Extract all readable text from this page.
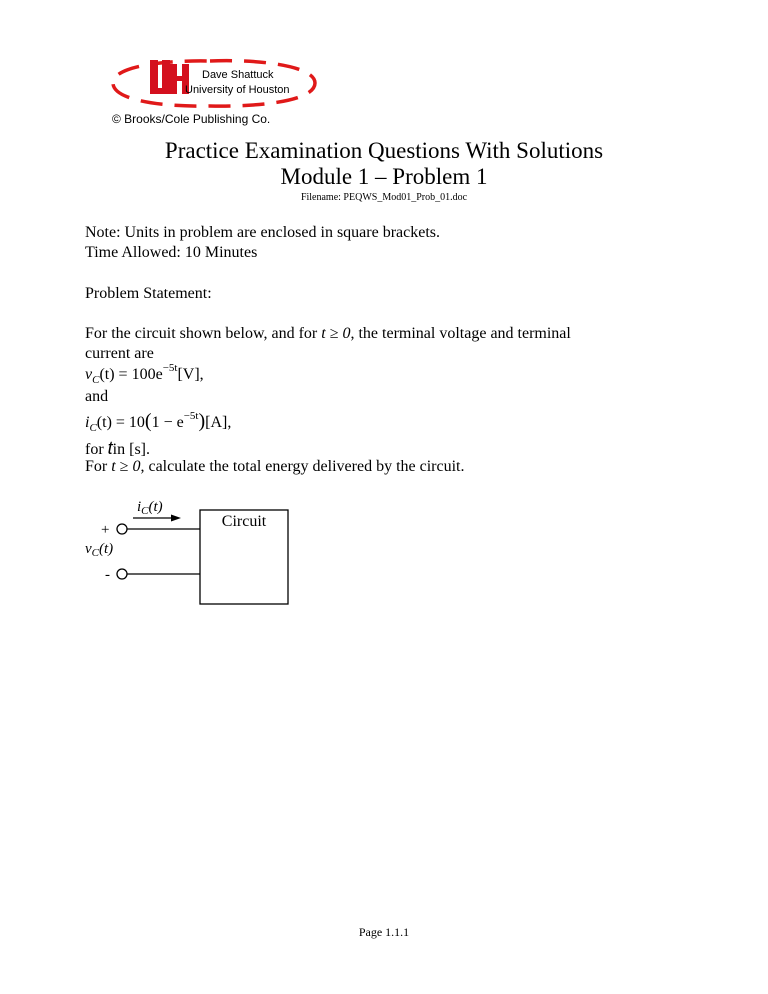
Dave Shattuck
University of Houston
© Brooks/Cole Publishing Co.
Practice Examination Questions With Solutions
Module 1 – Problem 1
Filename: PEQWS_Mod01_Prob_01.doc
Note: Units in problem are enclosed in square brackets.
Time Allowed: 10 Minutes
Problem Statement:
For the circuit shown below, and for t ≥ 0, the terminal voltage and terminal
current are
$v_C(t) = 100e^{-5t}[V]$,
and
$i_C(t) = 10(1 - e^{-5t})[A]$,
for tin [s].
For t ≥ 0, calculate the total energy delivered by the circuit.
Circuit
$i_C(t)$
+
$v_C(t)$
-
Page 1.1.1
